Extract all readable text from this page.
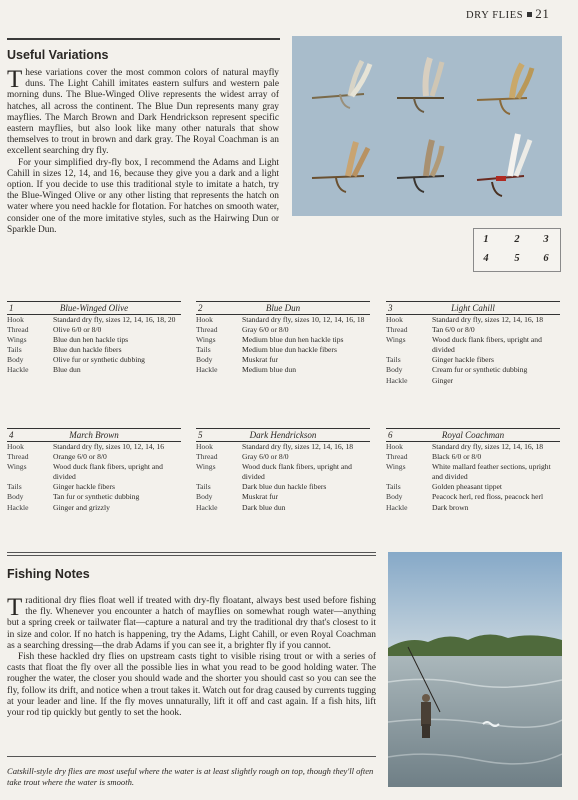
DRY FLIES 21
Useful Variations

These variations cover the most common colors of natural mayfly duns. The Light Cahill imitates eastern sulfurs and western pale morning duns. The Blue-Winged Olive represents the widest array of hatches, all across the continent. The Blue Dun represents many gray mayflies. The March Brown and Dark Hendrickson represent specific eastern mayflies, but also look like many other naturals that show themselves to trout in brown and dark gray. The Royal Coachman is an excellent searching dry fly.

For your simplified dry-fly box, I recommend the Adams and Light Cahill in sizes 12, 14, and 16, because they give you a dark and a light option. If you decide to use this traditional style to imitate a hatch, try the Blue-Winged Olive or any other listing that represents the hatch on water where you need hackle for flotation. For hatches on smooth water, consider one of the more imitative styles, such as the Hairwing Dun or Sparkle Dun.

1	2	3
4	5	6
1	Blue-Winged Olive
Hook	Standard dry fly, sizes 12, 14, 16, 18, 20
Thread	Olive 6/0 or 8/0
Wings	Blue dun hen hackle tips
Tails	Blue dun hackle fibers
Body	Olive fur or synthetic dubbing
Hackle	Blue dun
2	Blue Dun
Hook	Standard dry fly, sizes 10, 12, 14, 16, 18
Thread	Gray 6/0 or 8/0
Wings	Medium blue dun hen hackle tips
Tails	Medium blue dun hackle fibers
Body	Muskrat fur
Hackle	Medium blue dun
3	Light Cahill
Hook	Standard dry fly, sizes 12, 14, 16, 18
Thread	Tan 6/0 or 8/0
Wings	Wood duck flank fibers, upright and divided
Tails	Ginger hackle fibers
Body	Cream fur or synthetic dubbing
Hackle	Ginger
4	March Brown
Hook	Standard dry fly, sizes 10, 12, 14, 16
Thread	Orange 6/0 or 8/0
Wings	Wood duck flank fibers, upright and divided
Tails	Ginger hackle fibers
Body	Tan fur or synthetic dubbing
Hackle	Ginger and grizzly
5	Dark Hendrickson
Hook	Standard dry fly, sizes 12, 14, 16, 18
Thread	Gray 6/0 or 8/0
Wings	Wood duck flank fibers, upright and divided
Tails	Dark blue dun hackle fibers
Body	Muskrat fur
Hackle	Dark blue dun
6	Royal Coachman
Hook	Standard dry fly, sizes 12, 14, 16, 18
Thread	Black 6/0 or 8/0
Wings	White mallard feather sections, upright and divided
Tails	Golden pheasant tippet
Body	Peacock herl, red floss, peacock herl
Hackle	Dark brown
Fishing Notes

Traditional dry flies float well if treated with dry-fly floatant, always best used before fishing the fly. Whenever you encounter a hatch of mayflies on somewhat rough water—anything but a spring creek or tailwater flat—capture a natural and try the traditional dry that's closest to it in size and color. If no hatch is happening, try the Adams, Light Cahill, or even Royal Coachman as a searching dressing—the drab Adams if you can see it, a brighter fly if you cannot.

Fish these hackled dry flies on upstream casts tight to visible rising trout or with a series of casts that float the fly over all the possible lies in what you read to be good holding water. The rougher the water, the closer you should wade and the shorter you should cast so you can see the fly, follow its drift, and notice when a trout takes it. Watch out for drag caused by currents tugging at your leader and line. If the fly moves unnaturally, lift it off and cast again. If a fish hits, lift your rod tip quickly but gently to set the hook.

Catskill-style dry flies are most useful where the water is at least slightly rough on top, though they'll often take trout where the water is smooth.
